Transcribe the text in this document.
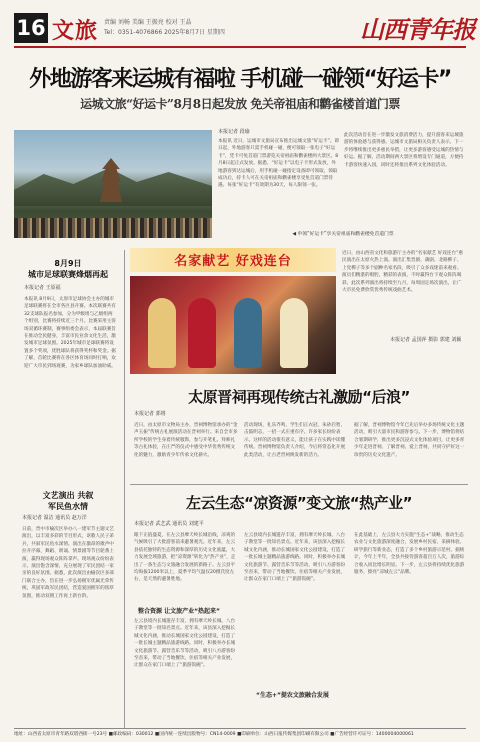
16 文旅 责编 刘畅 美编 王振亮 校对 王晶
Tel：0351-4076866 2025年8月7日 星期四	山西青年报
外地游客来运城有福啦 手机碰一碰领“好运卡”
运城文旅“好运卡”8月8日起发放 免关帝祖庙和鹳雀楼首道门票
本报记者 段瑜
本报讯 近日，运城市文旅局宣布推出运城文旅“好运卡”。即日起，外地游客只需手机碰一碰，便可领取一张电子“好运卡”，凭卡可免首道门票游览关帝祖庙和鹳雀楼两大景区。8月8日起正式发放。据悉，“好运卡”以电子卡形式发放，外地游客到达运城后，用手机碰一碰指定设备即可领取，领取成功后，持卡人可在关帝祖庙和鹳雀楼享受免首道门票待遇。每张“好运卡”有效期为30天，每人限领一张。
此次活动旨在进一步激发文旅消费活力，提升游客来运城旅游的体验感与获得感。运城市文旅局相关负责人表示，下一步将继续推出更多惠民举措，让更多游客感受运城的热情与好运。据了解，活动期间两大景区将增设专门通道，方便持卡游客快速入园，同时还将推出系列文化体验活动。
◀ 申领“好运卡”享关帝祖庙和鹳雀楼免首道门票
8月9日
城市足球联赛烽烟再起
本报记者 王原福
本报讯 8月9日，太原市足球协会主办的城市足球联赛将在全市各区县开赛。本次联赛共有32支球队报名参加，分为甲级组与乙级组两个组别，比赛将持续近三个月。比赛采用主客场双循环赛制，赛事组委会表示，本届联赛旨在推动全民健身，丰富市民业余文化生活，激发城市足球氛围。2025年城市足球联赛将设置多个奖项，优胜球队将获得奖杯和奖金。据了解，首轮比赛将在各区体育场同时打响，欢迎广大市民到场观赛，为家乡球队加油助威。
文艺演出 共叙军民鱼水情
本报记者 温洁 通讯员 赵万洋
日前，晋中市榆次区举办八一建军节主题文艺演出，以丰富多彩的节目形式，讴歌人民子弟兵，共叙军民鱼水深情。演出在激昂的歌声中拉开序幕，舞蹈、朗诵、情景剧等节目轮番上演，赢得现场观众阵阵掌声。现场观众纷纷表示，演出饱含深情，充分展现了军民团结一家亲的良好氛围。据悉，此次演出由榆次区多部门联合主办，旨在进一步弘扬拥军优属光荣传统，巩固军政军民团结，营造爱国拥军的浓厚氛围，推动双拥工作再上新台阶。
名家献艺 好戏连台
近日，由山西省文化和旅游厅主办的“名家献艺 好戏连台”惠民演出在太原火热上演。演出汇集晋剧、蒲剧、北路梆子、上党梆子等多个剧种名家名段，吸引了众多戏迷前来观看。演员们精湛的唱腔、精彩的表演，不时赢得台下观众阵阵喝彩。此次系列演出将持续至九月，每周固定场次演出，让广大市民免费欣赏优秀传统戏曲艺术。
本报记者 孟国萍 摄影 郭建 刘颖
太原晋祠再现传统古礼激励“后浪”
本报记者 郭将
近日，由太原市文物局主办，晋祠博物馆承办的“金声玉振”传统古礼展演活动在晋祠举行。来自全市多所学校的学生身着传统服饰，参与开笔礼、拜师礼等古礼体验，在庄严的仪式中感受中华优秀传统文化的魅力，激励青少年传承文化薪火。
活动现场，礼乐齐鸣，学生们正衣冠、朱砂启智、击鼓明志，一招一式庄重有序。许多家长纷纷表示，这样的活动很有意义，能让孩子在实践中读懂传统。晋祠博物馆负责人介绍，今后将常态化开展此类活动，让古老晋祠焕发新的活力。
据了解，晋祠博物馆今年已先后举办多场传统文化主题活动，吸引大量市民和游客参与。下一步，博物馆将结合暑期研学，推出更多沉浸式文化体验项目，让更多青少年走进晋祠、了解晋祠、爱上晋祠，共同守护好这一珍贵的历史文化遗产。
左云生态“凉资源”变文旅“热产业”
本报记者 武艺武 通讯员 刘建平
眼下正值盛夏，在左云县摩天岭长城沿线，凉爽的气候吸引了大批游客前来避暑观光。近年来，左云县依托独特的生态资源和深厚的历史文化底蕴，大力发展全域旅游，把“凉资源”转化为“热产业”，走出了一条生态与文旅融合发展的新路子。左云县平均海拔1200米以上，夏季平均气温仅20摄氏度左右，是天然的避暑胜地。
整合资源 让文旅产业“热起来”
左云县境内长城遗存丰富，拥有摩天岭长城、八台子教堂等一批知名景点。近年来，该县深入挖掘长城文化内涵，推动长城国家文化公园建设，打造了一批长城主题精品旅游线路。同时，积极举办长城文化旅游节、露营音乐节等活动，吸引八方游客纷至沓来，带动了当地餐饮、住宿等相关产业发展，让群众在家门口端上了“旅游饭碗”。
左云县境内长城遗存丰富，拥有摩天岭长城、八台子教堂等一批知名景点。近年来，该县深入挖掘长城文化内涵，推动长城国家文化公园建设，打造了一批长城主题精品旅游线路。同时，积极举办长城文化旅游节、露营音乐节等活动，吸引八方游客纷至沓来，带动了当地餐饮、住宿等相关产业发展，让群众在家门口端上了“旅游饭碗”。
在此基础上，左云县大力实施“生态+”战略，推动生态农业与文化旅游深度融合，发展乡村民宿、采摘体验、研学旅行等新业态，打造了多个乡村旅游示范村。据统计，今年上半年，全县共接待游客超百万人次，旅游综合收入同比增长明显。下一步，左云县将持续优化旅游服务，擦亮“凉城左云”品牌。
“生态+”提农文旅融合发展
地址：山西省太原市青年路双塔西街一号23号 ■邮政编码：030012 ■国内统一连续出版物号：CN14-0009 ■印刷单位：山西日报传媒集团印刷有限公司 ■广告经营许可证号：1400004000061
